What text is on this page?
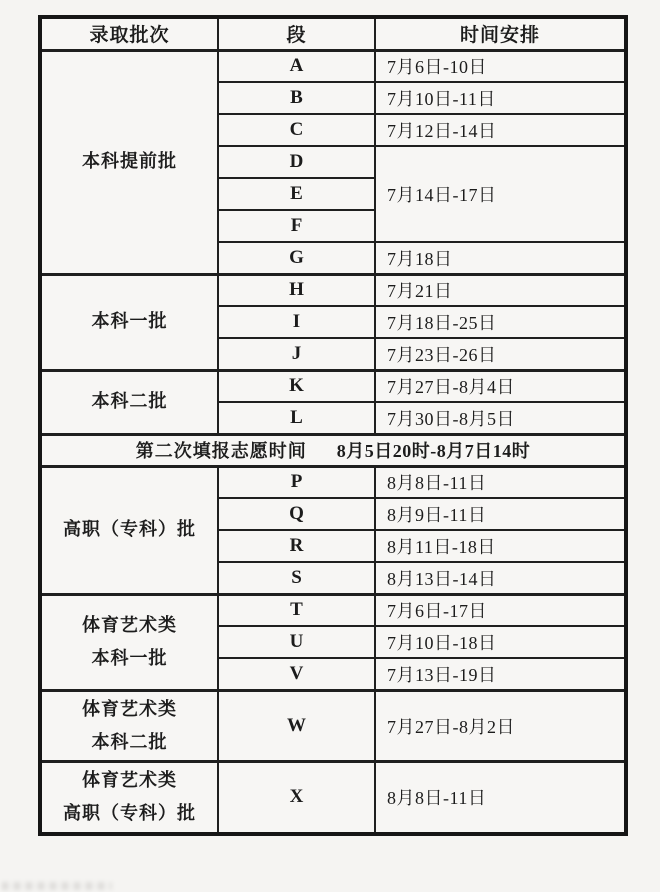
录取批次	段	时间安排

本科提前批	A	7月6日-10日
	B	7月10日-11日
	C	7月12日-14日
	D	7月14日-17日
	E	
	F	
	G	7月18日

本科一批	H	7月21日
	I	7月18日-25日
	J	7月23日-26日

本科二批	K	7月27日-8月4日
	L	7月30日-8月5日

第二次填报志愿时间 8月5日20时-8月7日14时		

高职（专科）批	P	8月8日-11日
	Q	8月9日-11日
	R	8月11日-18日
	S	8月13日-14日

体育艺术类
本科一批	T	7月6日-17日
	U	7月10日-18日
	V	7月13日-19日

体育艺术类
本科二批	W	7月27日-8月2日

体育艺术类
高职（专科）批	X	8月8日-11日
